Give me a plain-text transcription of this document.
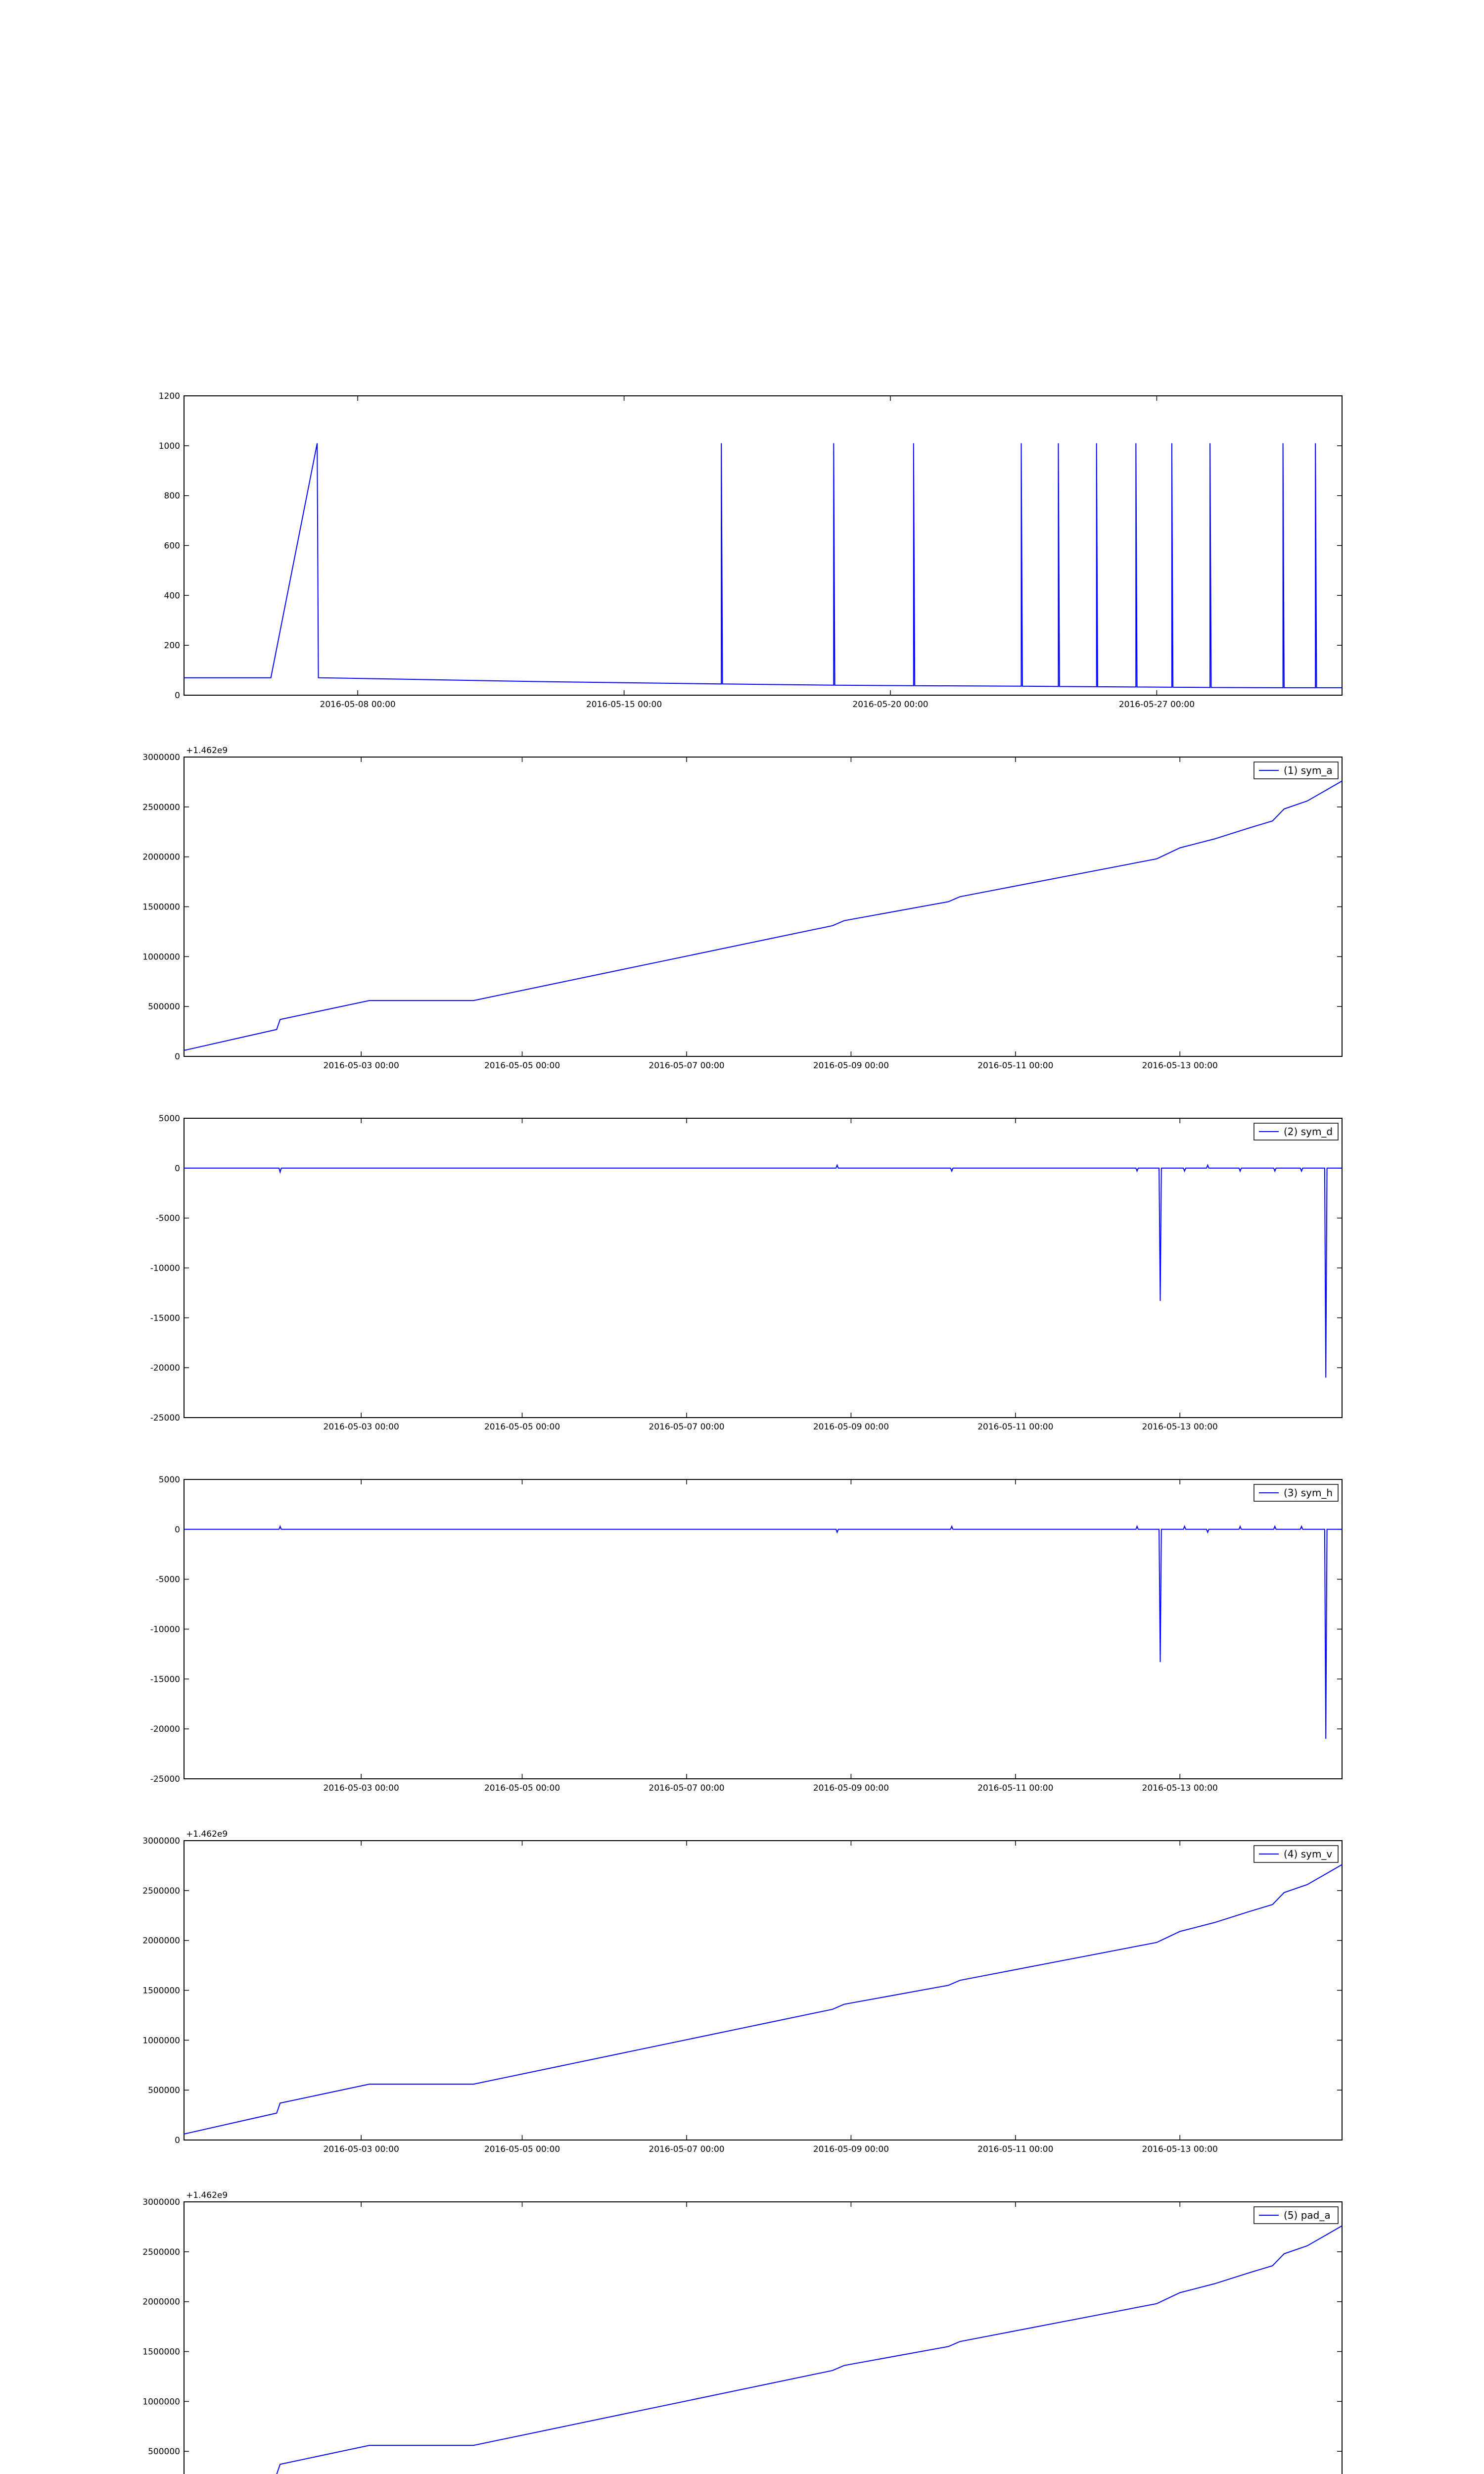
0
200
400
600
800
1000
1200
2016-05-08 00:00	2016-05-15 00:00	2016-05-20 00:00	2016-05-27 00:00
0
500000
1000000
1500000
2000000
2500000
3000000
2016-05-03 00:00	2016-05-05 00:00	2016-05-07 00:00	2016-05-09 00:00	2016-05-11 00:00	2016-05-13 00:00
+1.462e9
(1) sym_a
5000
0
-5000
-10000
-15000
-20000
-25000
2016-05-03 00:00	2016-05-05 00:00	2016-05-07 00:00	2016-05-09 00:00	2016-05-11 00:00	2016-05-13 00:00
(2) sym_d
5000
0
-5000
-10000
-15000
-20000
-25000
2016-05-03 00:00	2016-05-05 00:00	2016-05-07 00:00	2016-05-09 00:00	2016-05-11 00:00	2016-05-13 00:00
(3) sym_h
0
500000
1000000
1500000
2000000
2500000
3000000
2016-05-03 00:00	2016-05-05 00:00	2016-05-07 00:00	2016-05-09 00:00	2016-05-11 00:00	2016-05-13 00:00
+1.462e9
(4) sym_v
500000
1000000
1500000
2000000
2500000
3000000
+1.462e9
(5) pad_a
